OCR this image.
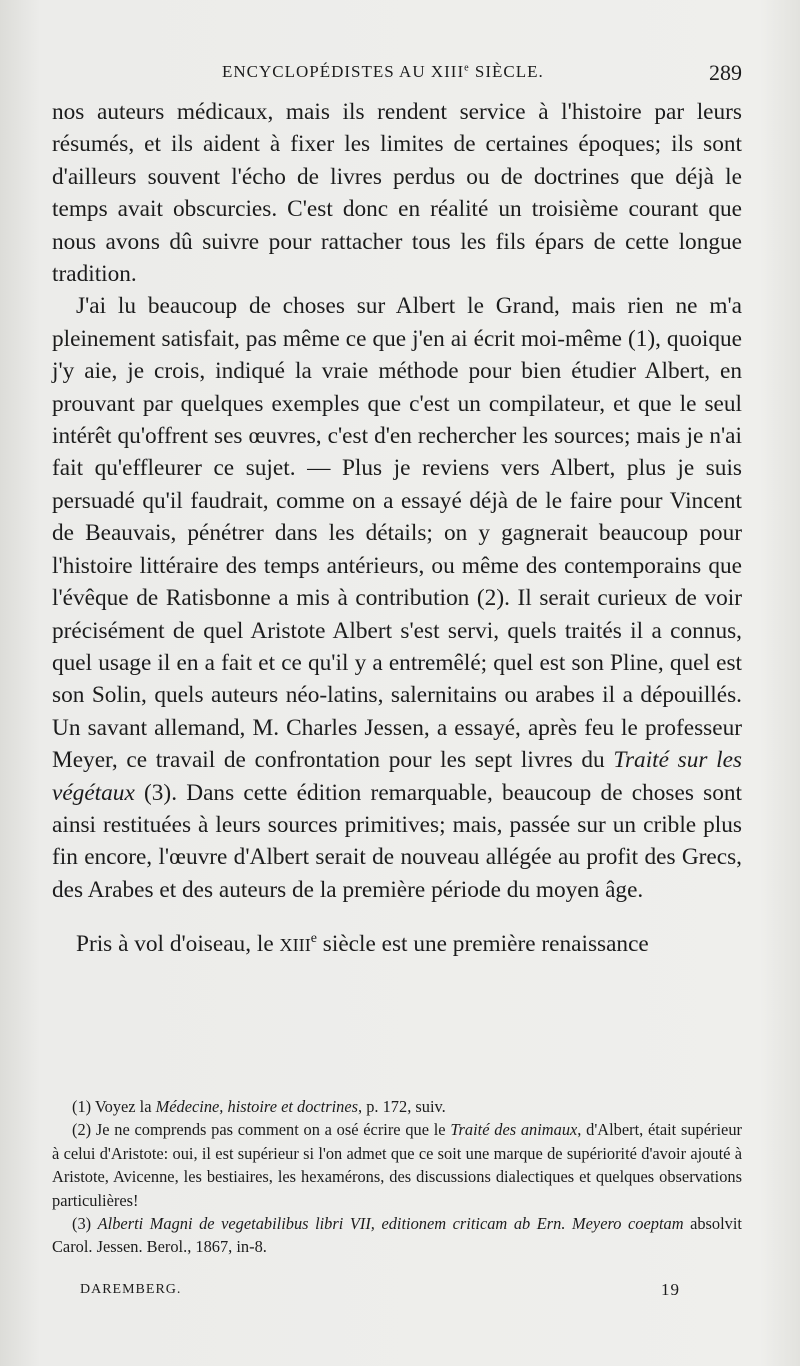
ENCYCLOPÉDISTES AU XIIIe SIÈCLE.	289

nos auteurs médicaux, mais ils rendent service à l'histoire par leurs résumés, et ils aident à fixer les limites de certaines époques; ils sont d'ailleurs souvent l'écho de livres perdus ou de doctrines que déjà le temps avait obscurcies. C'est donc en réalité un troisième courant que nous avons dû suivre pour rattacher tous les fils épars de cette longue tradition.

J'ai lu beaucoup de choses sur Albert le Grand, mais rien ne m'a pleinement satisfait, pas même ce que j'en ai écrit moi-même (1), quoique j'y aie, je crois, indiqué la vraie méthode pour bien étudier Albert, en prouvant par quelques exemples que c'est un compilateur, et que le seul intérêt qu'offrent ses œuvres, c'est d'en rechercher les sources; mais je n'ai fait qu'effleurer ce sujet. — Plus je reviens vers Albert, plus je suis persuadé qu'il faudrait, comme on a essayé déjà de le faire pour Vincent de Beauvais, pénétrer dans les détails; on y gagnerait beaucoup pour l'histoire littéraire des temps antérieurs, ou même des contemporains que l'évêque de Ratisbonne a mis à contribution (2). Il serait curieux de voir précisément de quel Aristote Albert s'est servi, quels traités il a connus, quel usage il en a fait et ce qu'il y a entremêlé; quel est son Pline, quel est son Solin, quels auteurs néo-latins, salernitains ou arabes il a dépouillés. Un savant allemand, M. Charles Jessen, a essayé, après feu le professeur Meyer, ce travail de confrontation pour les sept livres du Traité sur les végétaux (3). Dans cette édition remarquable, beaucoup de choses sont ainsi restituées à leurs sources primitives; mais, passée sur un crible plus fin encore, l'œuvre d'Albert serait de nouveau allégée au profit des Grecs, des Arabes et des auteurs de la première période du moyen âge.

Pris à vol d'oiseau, le XIIIe siècle est une première renaissance

(1) Voyez la Médecine, histoire et doctrines, p. 172, suiv.

(2) Je ne comprends pas comment on a osé écrire que le Traité des animaux, d'Albert, était supérieur à celui d'Aristote: oui, il est supérieur si l'on admet que ce soit une marque de supériorité d'avoir ajouté à Aristote, Avicenne, les bestiaires, les hexamérons, des discussions dialectiques et quelques observations particulières!

(3) Alberti Magni de vegetabilibus libri VII, editionem criticam ab Ern. Meyero coeptam absolvit Carol. Jessen. Berol., 1867, in-8.

DAREMBERG.	19
